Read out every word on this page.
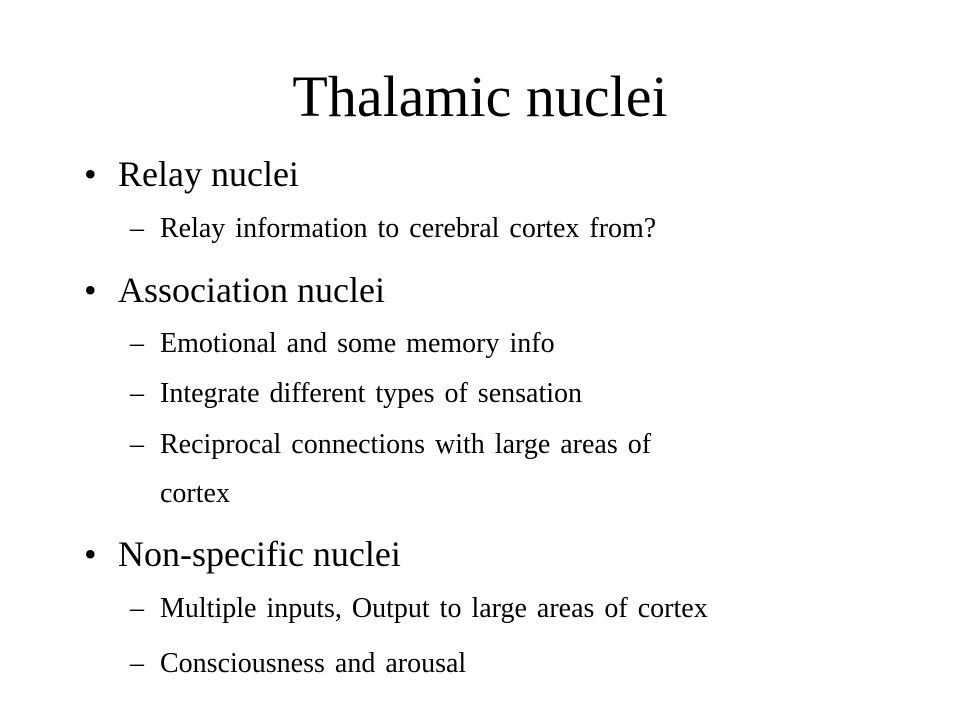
Thalamic nuclei
• Relay nuclei
– Relay information to cerebral cortex from?
• Association nuclei
– Emotional and some memory info
– Integrate different types of sensation
– Reciprocal connections with large areas of
cortex
• Non-specific nuclei
– Multiple inputs, Output to large areas of cortex
– Consciousness and arousal
